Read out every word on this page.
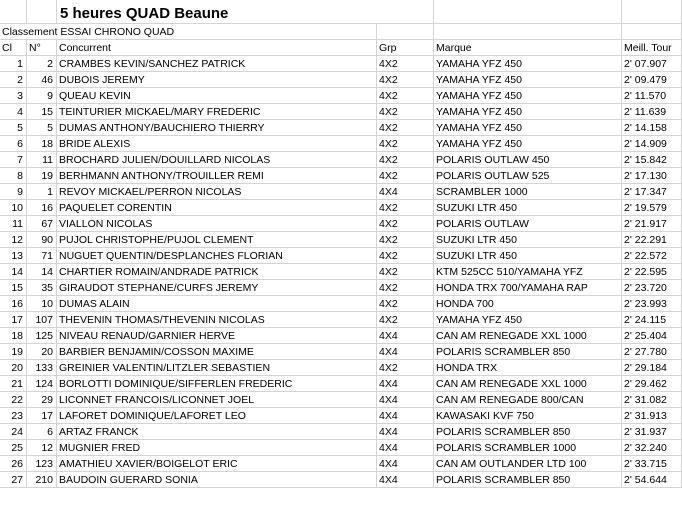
5 heures QUAD Beaune
Classement ESSAI CHRONO QUAD
Cl	N°	Concurrent	Grp	Marque	Meill. Tour
1	2 CRAMBES KEVIN/SANCHEZ PATRICK	4X2	YAMAHA YFZ 450	2' 07.907
2	46 DUBOIS JEREMY	4X2	YAMAHA YFZ 450	2' 09.479
3	9 QUEAU KEVIN	4X2	YAMAHA YFZ 450	2' 11.570
4	15 TEINTURIER MICKAEL/MARY FREDERIC	4X2	YAMAHA YFZ 450	2' 11.639
5	5 DUMAS ANTHONY/BAUCHIERO THIERRY	4X2	YAMAHA YFZ 450	2' 14.158
6	18 BRIDE ALEXIS	4X2	YAMAHA YFZ 450	2' 14.909
7	11 BROCHARD JULIEN/DOUILLARD NICOLAS	4X2	POLARIS OUTLAW 450	2' 15.842
8	19 BERHMANN ANTHONY/TROUILLER REMI	4X2	POLARIS OUTLAW 525	2' 17.130
9	1 REVOY MICKAEL/PERRON NICOLAS	4X4	SCRAMBLER 1000	2' 17.347
10	16 PAQUELET CORENTIN	4X2	SUZUKI LTR 450	2' 19.579
11	67 VIALLON NICOLAS	4X2	POLARIS OUTLAW	2' 21.917
12	90 PUJOL CHRISTOPHE/PUJOL CLEMENT	4X2	SUZUKI LTR 450	2' 22.291
13	71 NUGUET QUENTIN/DESPLANCHES FLORIAN	4X2	SUZUKI LTR 450	2' 22.572
14	14 CHARTIER ROMAIN/ANDRADE PATRICK	4X2	KTM 525CC 510/YAMAHA YFZ	2' 22.595
15	35 GIRAUDOT STEPHANE/CURFS JEREMY	4X2	HONDA TRX 700/YAMAHA RAP	2' 23.720
16	10 DUMAS ALAIN	4X2	HONDA 700	2' 23.993
17	107 THEVENIN THOMAS/THEVENIN NICOLAS	4X2	YAMAHA YFZ 450	2' 24.115
18	125 NIVEAU RENAUD/GARNIER HERVE	4X4	CAN AM RENEGADE XXL 1000	2' 25.404
19	20 BARBIER BENJAMIN/COSSON MAXIME	4X4	POLARIS SCRAMBLER 850	2' 27.780
20	133 GREINIER VALENTIN/LITZLER SEBASTIEN	4X2	HONDA TRX	2' 29.184
21	124 BORLOTTI DOMINIQUE/SIFFERLEN FREDERIC	4X4	CAN AM RENEGADE XXL 1000	2' 29.462
22	29 LICONNET FRANCOIS/LICONNET JOEL	4X4	CAN AM RENEGADE 800/CAN	2' 31.082
23	17 LAFORET DOMINIQUE/LAFORET LEO	4X4	KAWASAKI KVF 750	2' 31.913
24	6 ARTAZ FRANCK	4X4	POLARIS SCRAMBLER 850	2' 31.937
25	12 MUGNIER FRED	4X4	POLARIS SCRAMBLER 1000	2' 32.240
26	123 AMATHIEU XAVIER/BOIGELOT ERIC	4X4	CAN AM OUTLANDER LTD 100	2' 33.715
27	210 BAUDOIN GUERARD SONIA	4X4	POLARIS SCRAMBLER 850	2' 54.644
